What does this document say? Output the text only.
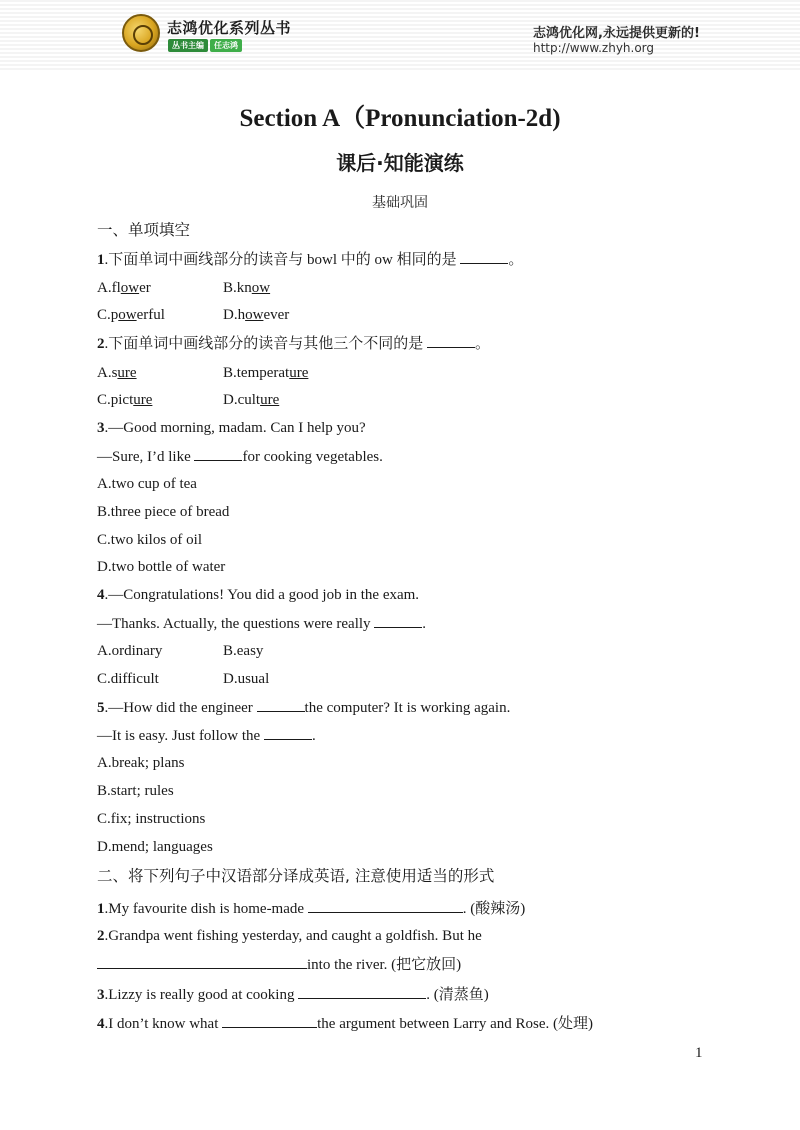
志鸿优化系列丛书
丛书主编	任志鸿
志鸿优化网,永远提供更新的!
http://www.zhyh.org
Section A（Pronunciation-2d)
课后·知能演练
基础巩固
一、单项填空
1.下面单词中画线部分的读音与 bowl 中的 ow 相同的是	。
A.flower	B.know
C.powerful	D.however
2.下面单词中画线部分的读音与其他三个不同的是	。
A.sure	B.temperature
C.picture	D.culture
3.—Good morning, madam. Can I help you?
—Sure, I’d like	for cooking vegetables.
A.two cup of tea
B.three piece of bread
C.two kilos of oil
D.two bottle of water
4.—Congratulations! You did a good job in the exam.
—Thanks. Actually, the questions were really	.
A.ordinary	B.easy
C.difficult	D.usual
5.—How did the engineer	the computer? It is working again.
—It is easy. Just follow the	.
A.break; plans
B.start; rules
C.fix; instructions
D.mend; languages
二、将下列句子中汉语部分译成英语, 注意使用适当的形式
1.My favourite dish is home-made	. (酸辣汤)
2.Grandpa went fishing yesterday, and caught a goldfish. But he
into the river. (把它放回)
3.Lizzy is really good at cooking	. (清蒸鱼)
4.I don’t know what	the argument between Larry and Rose. (处理)
1
